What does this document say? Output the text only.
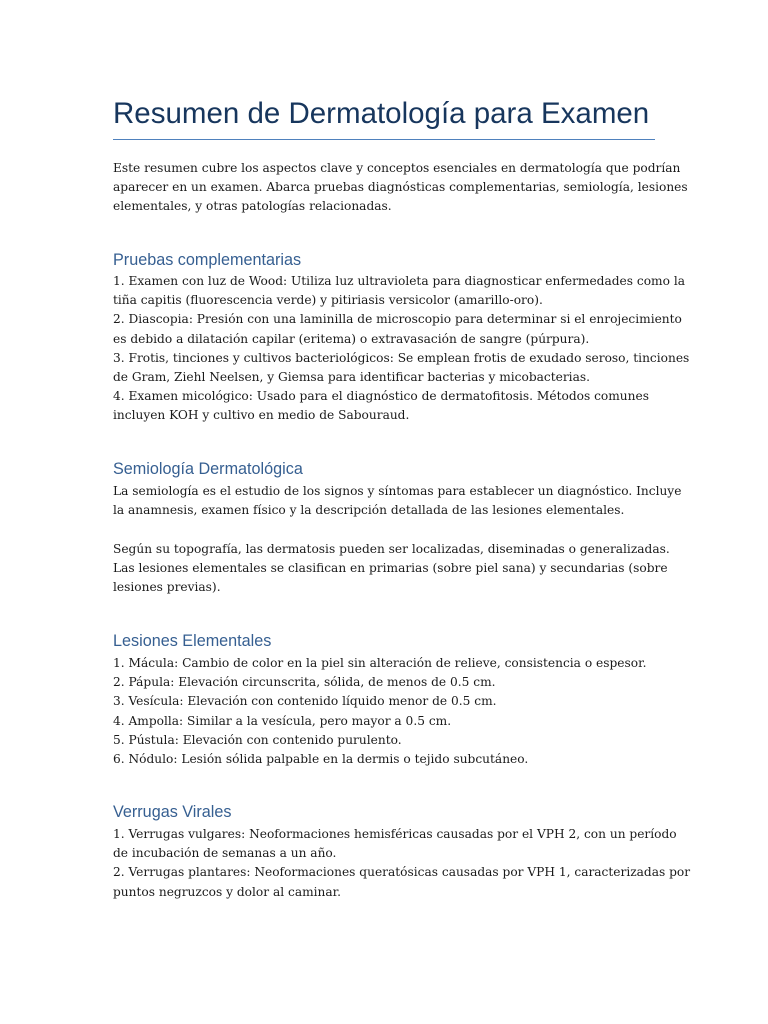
Resumen de Dermatología para Examen

Este resumen cubre los aspectos clave y conceptos esenciales en dermatología que podrían
aparecer en un examen. Abarca pruebas diagnósticas complementarias, semiología, lesiones
elementales, y otras patologías relacionadas.

Pruebas complementarias

1. Examen con luz de Wood: Utiliza luz ultravioleta para diagnosticar enfermedades como la
tiña capitis (fluorescencia verde) y pitiriasis versicolor (amarillo-oro).
2. Diascopia: Presión con una laminilla de microscopio para determinar si el enrojecimiento
es debido a dilatación capilar (eritema) o extravasación de sangre (púrpura).
3. Frotis, tinciones y cultivos bacteriológicos: Se emplean frotis de exudado seroso, tinciones
de Gram, Ziehl Neelsen, y Giemsa para identificar bacterias y micobacterias.
4. Examen micológico: Usado para el diagnóstico de dermatofitosis. Métodos comunes
incluyen KOH y cultivo en medio de Sabouraud.

Semiología Dermatológica

La semiología es el estudio de los signos y síntomas para establecer un diagnóstico. Incluye
la anamnesis, examen físico y la descripción detallada de las lesiones elementales.

Según su topografía, las dermatosis pueden ser localizadas, diseminadas o generalizadas.
Las lesiones elementales se clasifican en primarias (sobre piel sana) y secundarias (sobre
lesiones previas).

Lesiones Elementales

1. Mácula: Cambio de color en la piel sin alteración de relieve, consistencia o espesor.
2. Pápula: Elevación circunscrita, sólida, de menos de 0.5 cm.
3. Vesícula: Elevación con contenido líquido menor de 0.5 cm.
4. Ampolla: Similar a la vesícula, pero mayor a 0.5 cm.
5. Pústula: Elevación con contenido purulento.
6. Nódulo: Lesión sólida palpable en la dermis o tejido subcutáneo.

Verrugas Virales

1. Verrugas vulgares: Neoformaciones hemisféricas causadas por el VPH 2, con un período
de incubación de semanas a un año.
2. Verrugas plantares: Neoformaciones queratósicas causadas por VPH 1, caracterizadas por
puntos negruzcos y dolor al caminar.
